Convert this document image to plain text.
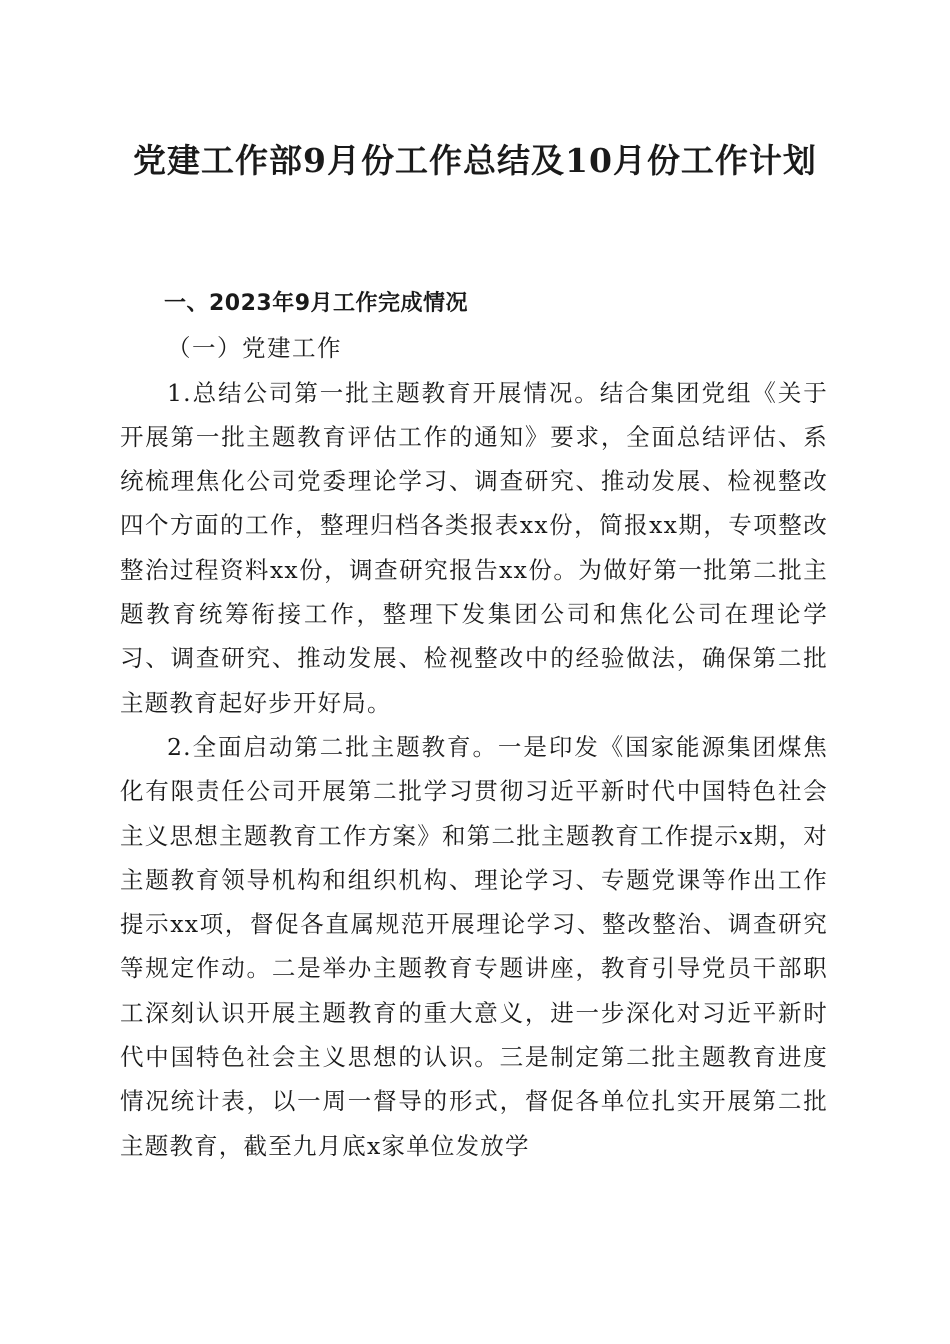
党建工作部9月份工作总结及10月份工作计划

一、2023年9月工作完成情况

（一）党建工作

1.总结公司第一批主题教育开展情况。结合集团党组《关于开展第一批主题教育评估工作的通知》要求，全面总结评估、系统梳理焦化公司党委理论学习、调查研究、推动发展、检视整改四个方面的工作，整理归档各类报表xx份，简报xx期，专项整改整治过程资料xx份，调查研究报告xx份。为做好第一批第二批主题教育统筹衔接工作，整理下发集团公司和焦化公司在理论学习、调查研究、推动发展、检视整改中的经验做法，确保第二批主题教育起好步开好局。

2.全面启动第二批主题教育。一是印发《国家能源集团煤焦化有限责任公司开展第二批学习贯彻习近平新时代中国特色社会主义思想主题教育工作方案》和第二批主题教育工作提示x期，对主题教育领导机构和组织机构、理论学习、专题党课等作出工作提示xx项，督促各直属规范开展理论学习、整改整治、调查研究等规定作动。二是举办主题教育专题讲座，教育引导党员干部职工深刻认识开展主题教育的重大意义，进一步深化对习近平新时代中国特色社会主义思想的认识。三是制定第二批主题教育进度情况统计表，以一周一督导的形式，督促各单位扎实开展第二批主题教育，截至九月底x家单位发放学
